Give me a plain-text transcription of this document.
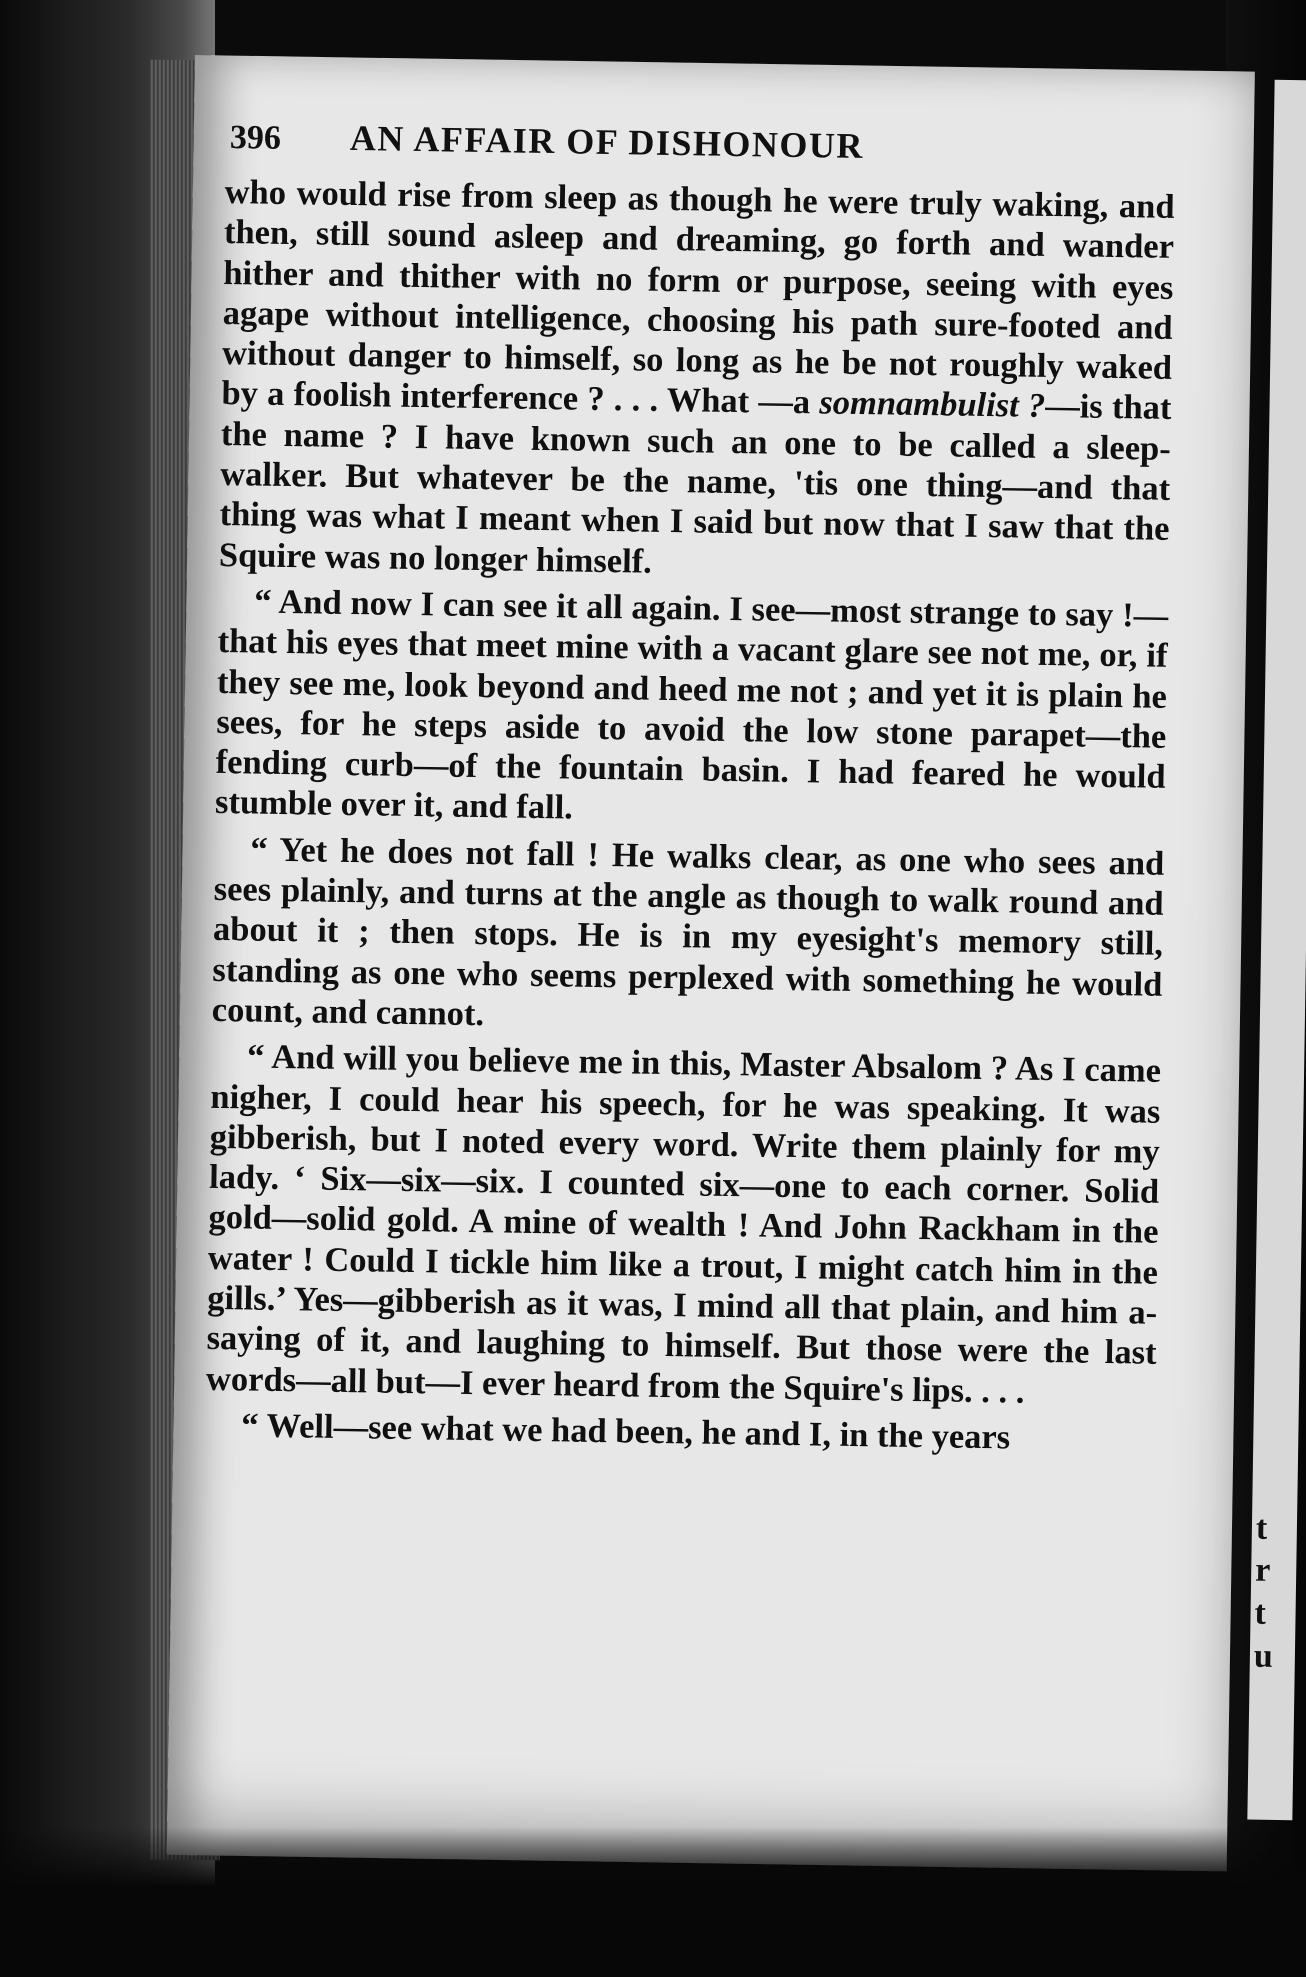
t
r
t
u
396	AN AFFAIR OF DISHONOUR

who would rise from sleep as though he were truly waking, and then, still sound asleep and dreaming, go forth and wander hither and thither with no form or purpose, seeing with eyes agape without intelligence, choosing his path sure-footed and without danger to himself, so long as he be not roughly waked by a foolish interference ? . . . What —a somnambulist ?—is that the name ? I have known such an one to be called a sleep-walker. But whatever be the name, 'tis one thing—and that thing was what I meant when I said but now that I saw that the Squire was no longer himself.

“ And now I can see it all again. I see—most strange to say !—that his eyes that meet mine with a vacant glare see not me, or, if they see me, look beyond and heed me not ; and yet it is plain he sees, for he steps aside to avoid the low stone parapet—the fending curb—of the fountain basin. I had feared he would stumble over it, and fall.

“ Yet he does not fall ! He walks clear, as one who sees and sees plainly, and turns at the angle as though to walk round and about it ; then stops. He is in my eyesight's memory still, standing as one who seems perplexed with something he would count, and cannot.

“ And will you believe me in this, Master Absalom ? As I came nigher, I could hear his speech, for he was speaking. It was gibberish, but I noted every word. Write them plainly for my lady. ‘ Six—six—six. I counted six—one to each corner. Solid gold—solid gold. A mine of wealth ! And John Rackham in the water ! Could I tickle him like a trout, I might catch him in the gills.’ Yes—gibberish as it was, I mind all that plain, and him a-saying of it, and laughing to himself. But those were the last words—all but—I ever heard from the Squire's lips. . . .

“ Well—see what we had been, he and I, in the years
